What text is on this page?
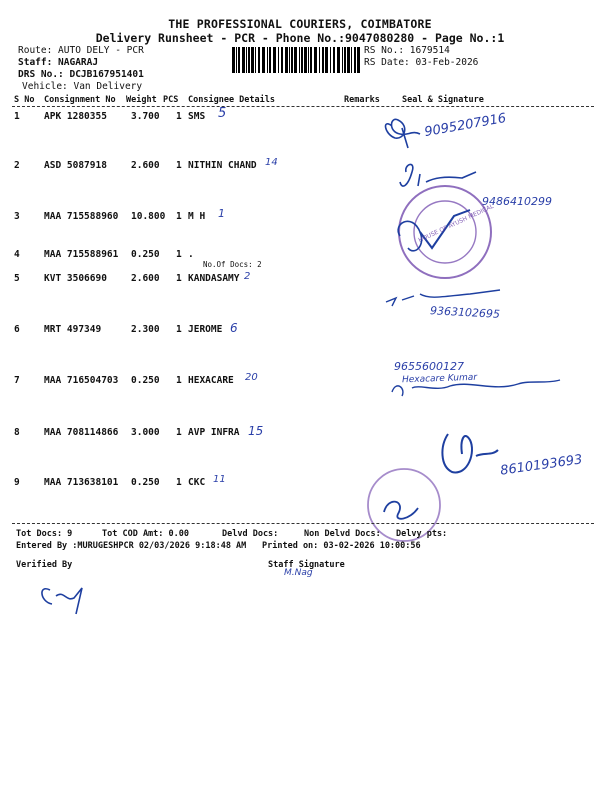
THE PROFESSIONAL COURIERS, COIMBATORE
Delivery Runsheet - PCR - Phone No.:9047080280 - Page No.:1
Route: AUTO DELY - PCR
Staff: NAGARAJ
DRS No.: DCJB167951401
Vehicle: Van Delivery
RS No.: 1679514
RS Date: 03-Feb-2026
S No Consignment No Weight PCS Consignee Details	Remarks	Seal & Signature
1	APK 1280355	3.700 1 SMS 5
2	ASD 5087918	2.600 1 NITHIN CHAND 14
3	MAA 715588960 10.800 1 M H 1
4	MAA 715588961 0.250 1 .
No.Of Docs: 2
5	KVT 3506690	2.600 1 KANDASAMY 2
6	MRT 497349	2.300 1 JEROME 6
7	MAA 716504703 0.250 1 HEXACARE 20
8	MAA 708114866 3.000 1 AVP INFRA 15
9	MAA 713638101 0.250 1 CKC 11
9095207916
9486410299
9363102695
9655600127
Hexacare Kumar
8610193693
HOUSE OF AYUSH MEDICAL
Tot Docs: 9	Tot COD Amt: 0.00	Delvd Docs:	Non Delvd Docs: Delvy pts:
Entered By :MURUGESHPCR 02/03/2026 9:18:48 AM Printed on: 03-02-2026 10:00:56
Verified By	Staff Signature
M.Nag
